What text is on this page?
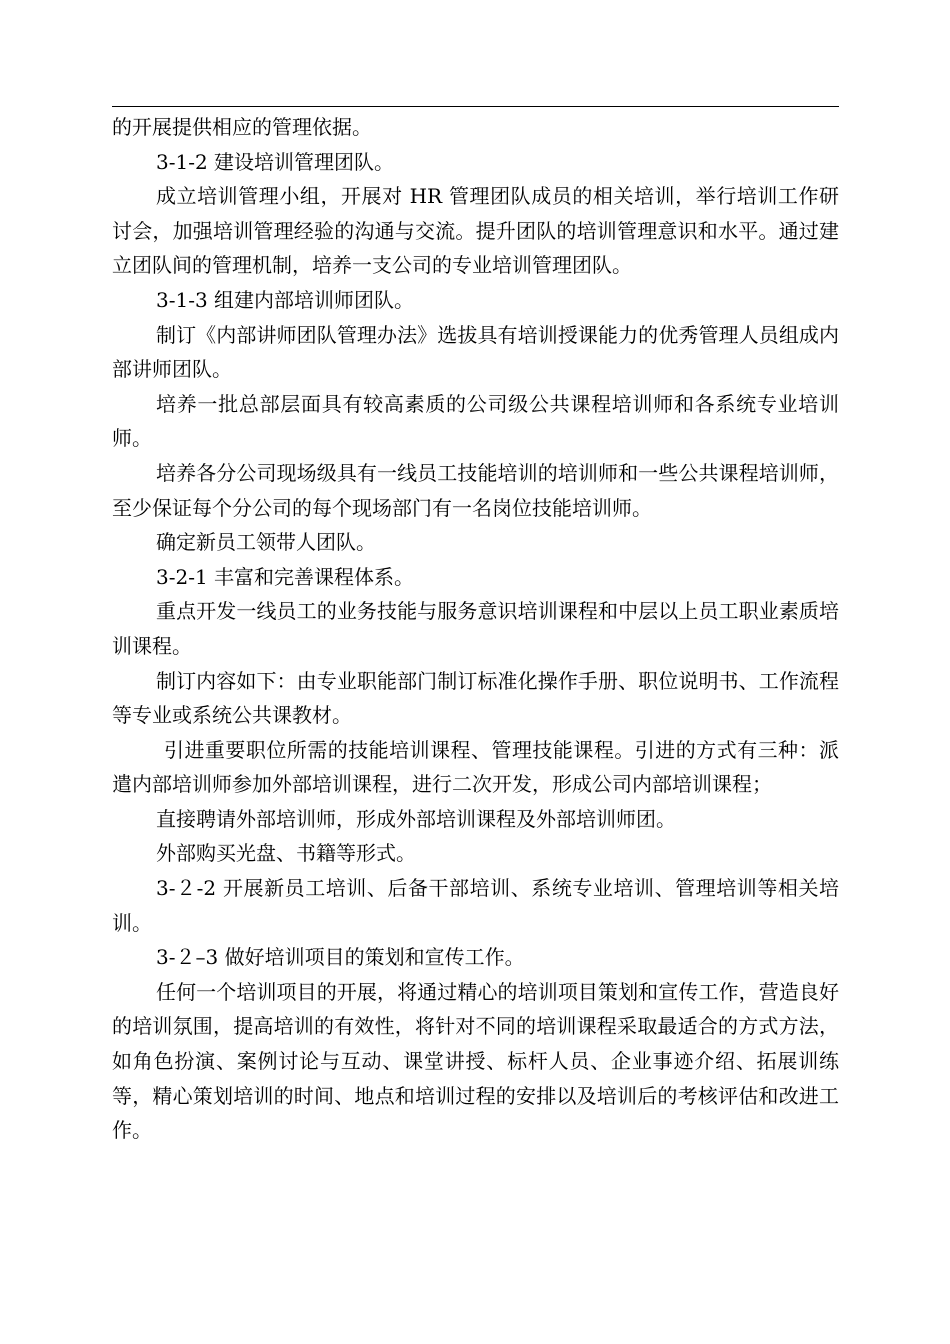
的开展提供相应的管理依据。

3-1-2 建设培训管理团队。

成立培训管理小组，开展对 HR 管理团队成员的相关培训，举行培训工作研讨会，加强培训管理经验的沟通与交流。提升团队的培训管理意识和水平。通过建立团队间的管理机制，培养一支公司的专业培训管理团队。

3-1-3 组建内部培训师团队。

制订《内部讲师团队管理办法》选拔具有培训授课能力的优秀管理人员组成内部讲师团队。

培养一批总部层面具有较高素质的公司级公共课程培训师和各系统专业培训师。

培养各分公司现场级具有一线员工技能培训的培训师和一些公共课程培训师，至少保证每个分公司的每个现场部门有一名岗位技能培训师。

确定新员工领带人团队。

3-2-1 丰富和完善课程体系。

重点开发一线员工的业务技能与服务意识培训课程和中层以上员工职业素质培训课程。

制订内容如下：由专业职能部门制订标准化操作手册、职位说明书、工作流程等专业或系统公共课教材。

引进重要职位所需的技能培训课程、管理技能课程。引进的方式有三种：派遣内部培训师参加外部培训课程，进行二次开发，形成公司内部培训课程；

直接聘请外部培训师，形成外部培训课程及外部培训师团。

外部购买光盘、书籍等形式。

3-２-2 开展新员工培训、后备干部培训、系统专业培训、管理培训等相关培训。

3-２–3 做好培训项目的策划和宣传工作。

任何一个培训项目的开展，将通过精心的培训项目策划和宣传工作，营造良好的培训氛围，提高培训的有效性，将针对不同的培训课程采取最适合的方式方法，如角色扮演、案例讨论与互动、课堂讲授、标杆人员、企业事迹介绍、拓展训练等，精心策划培训的时间、地点和培训过程的安排以及培训后的考核评估和改进工作。
